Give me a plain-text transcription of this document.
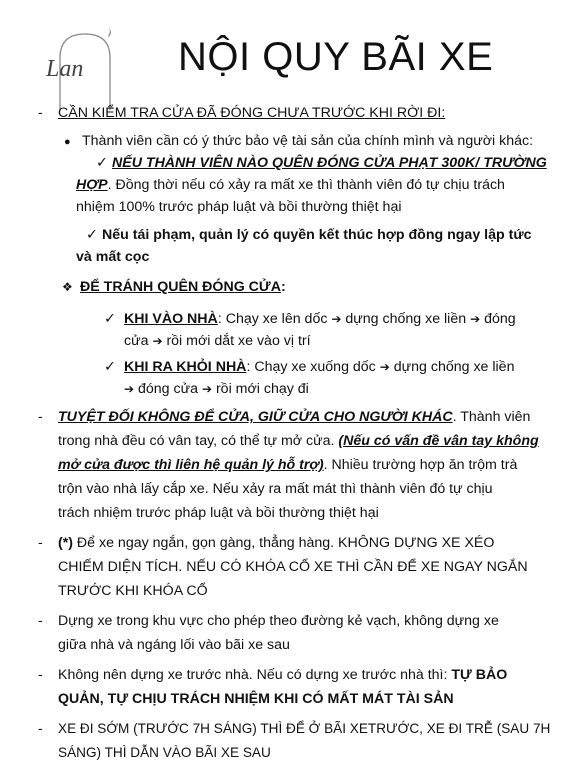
Lan NỘI QUY BÃI XE
- CẦN KIỂM TRA CỬA ĐÃ ĐÓNG CHƯA TRƯỚC KHI RỜI ĐI:
● Thành viên cần có ý thức bảo vệ tài sản của chính mình và người khác:
✓ NẾU THÀNH VIÊN NÀO QUÊN ĐÓNG CỬA PHẠT 300K/ TRƯỜNG
HỢP. Đồng thời nếu có xảy ra mất xe thì thành viên đó tự chịu trách
nhiệm 100% trước pháp luật và bồi thường thiệt hại
✓ Nếu tái phạm, quản lý có quyền kết thúc hợp đồng ngay lập tức
và mất cọc
❖ ĐỂ TRÁNH QUÊN ĐÓNG CỬA:
✓ KHI VÀO NHÀ: Chạy xe lên dốc ➔ dựng chống xe liền ➔ đóng
cửa ➔ rồi mới dắt xe vào vị trí
✓ KHI RA KHỎI NHÀ: Chạy xe xuống dốc ➔ dựng chống xe liền
➔ đóng cửa ➔ rồi mới chạy đi
- TUYỆT ĐỐI KHÔNG ĐỂ CỬA, GIỮ CỬA CHO NGƯỜI KHÁC. Thành viên
trong nhà đều có vân tay, có thể tự mở cửa. (Nếu có vấn đề vân tay không
mở cửa được thì liên hệ quản lý hỗ trợ). Nhiều trường hợp ăn trộm trà
trộn vào nhà lấy cắp xe. Nếu xảy ra mất mát thì thành viên đó tự chịu
trách nhiệm trước pháp luật và bồi thường thiệt hại
- (*) Để xe ngay ngắn, gọn gàng, thẳng hàng. KHÔNG DỰNG XE XÉO
CHIẾM DIỆN TÍCH. NẾU CÓ KHÓA CỔ XE THÌ CẦN ĐỂ XE NGAY NGẮN
TRƯỚC KHI KHÓA CỔ
- Dựng xe trong khu vực cho phép theo đường kẻ vạch, không dựng xe
giữa nhà và ngáng lối vào bãi xe sau
- Không nên dựng xe trước nhà. Nếu có dựng xe trước nhà thì: TỰ BẢO
QUẢN, TỰ CHỊU TRÁCH NHIỆM KHI CÓ MẤT MÁT TÀI SẢN
- XE ĐI SỚM (TRƯỚC 7H SÁNG) THÌ ĐỂ Ở BÃI XETRƯỚC, XE ĐI TRỄ (SAU 7H
SÁNG) THÌ DẪN VÀO BÃI XE SAU
